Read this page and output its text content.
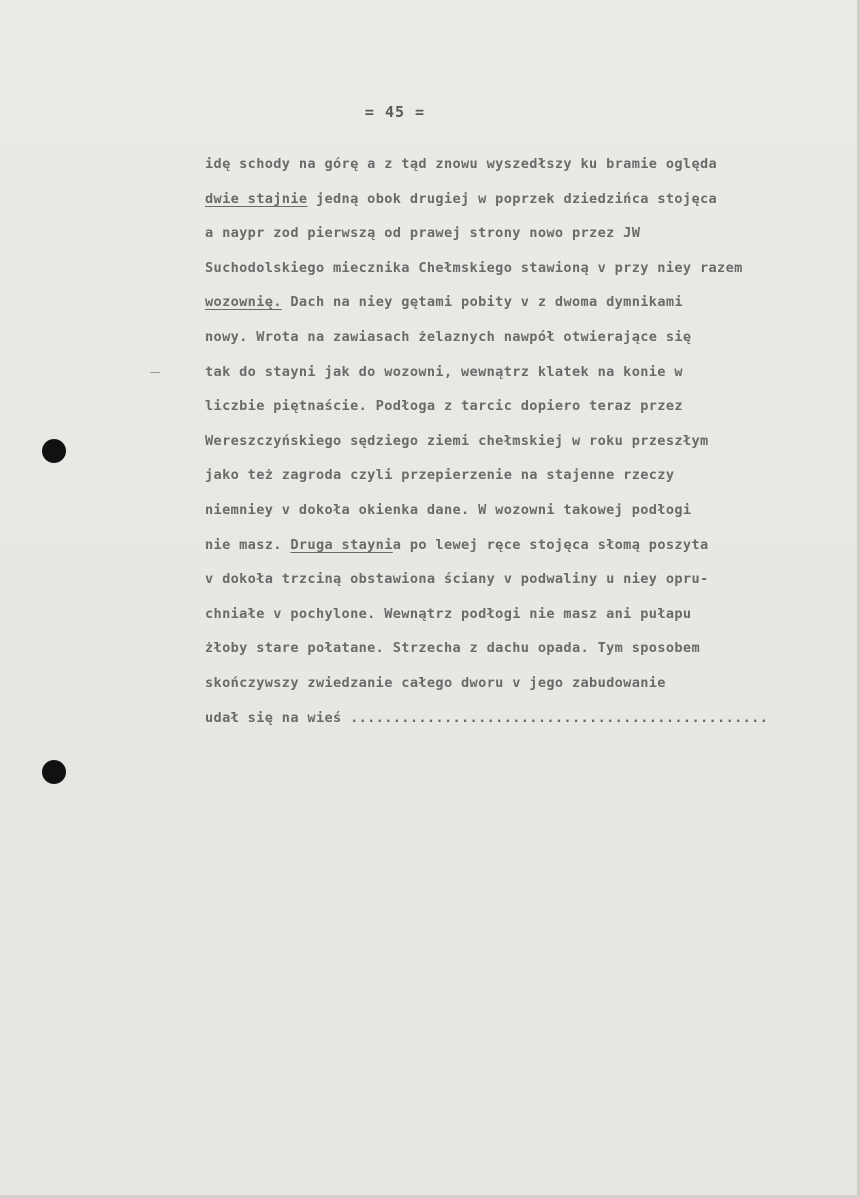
= 45 =
idę schody na górę a z tąd znowu wyszedłszy ku bramie oględa
dwie stajnie jedną obok drugiej w poprzek dziedzińca stojęca
a naypr zod pierwszą od prawej strony nowo przez JW
Suchodolskiego miecznika Chełmskiego stawioną v przy niey razem
wozownię. Dach na niey gętami pobity v z dwoma dymnikami
nowy. Wrota na zawiasach żelaznych nawpół otwierające się
tak do stayni jak do wozowni, wewnątrz klatek na konie w
liczbie piętnaście. Podłoga z tarcic dopiero teraz przez
Wereszczyńskiego sędziego ziemi chełmskiej w roku przeszłym
jako też zagroda czyli przepierzenie na stajenne rzeczy
niemniey v dokoła okienka dane. W wozowni takowej podłogi
nie masz. Druga staynia po lewej ręce stojęca słomą poszyta
v dokoła trzciną obstawiona ściany v podwaliny u niey opru-
chniałe v pochylone. Wewnątrz podłogi nie masz ani pułapu
żłoby stare połatane. Strzecha z dachu opada. Tym sposobem
skończywszy zwiedzanie całego dworu v jego zabudowanie
udał się na wieś .................................................
